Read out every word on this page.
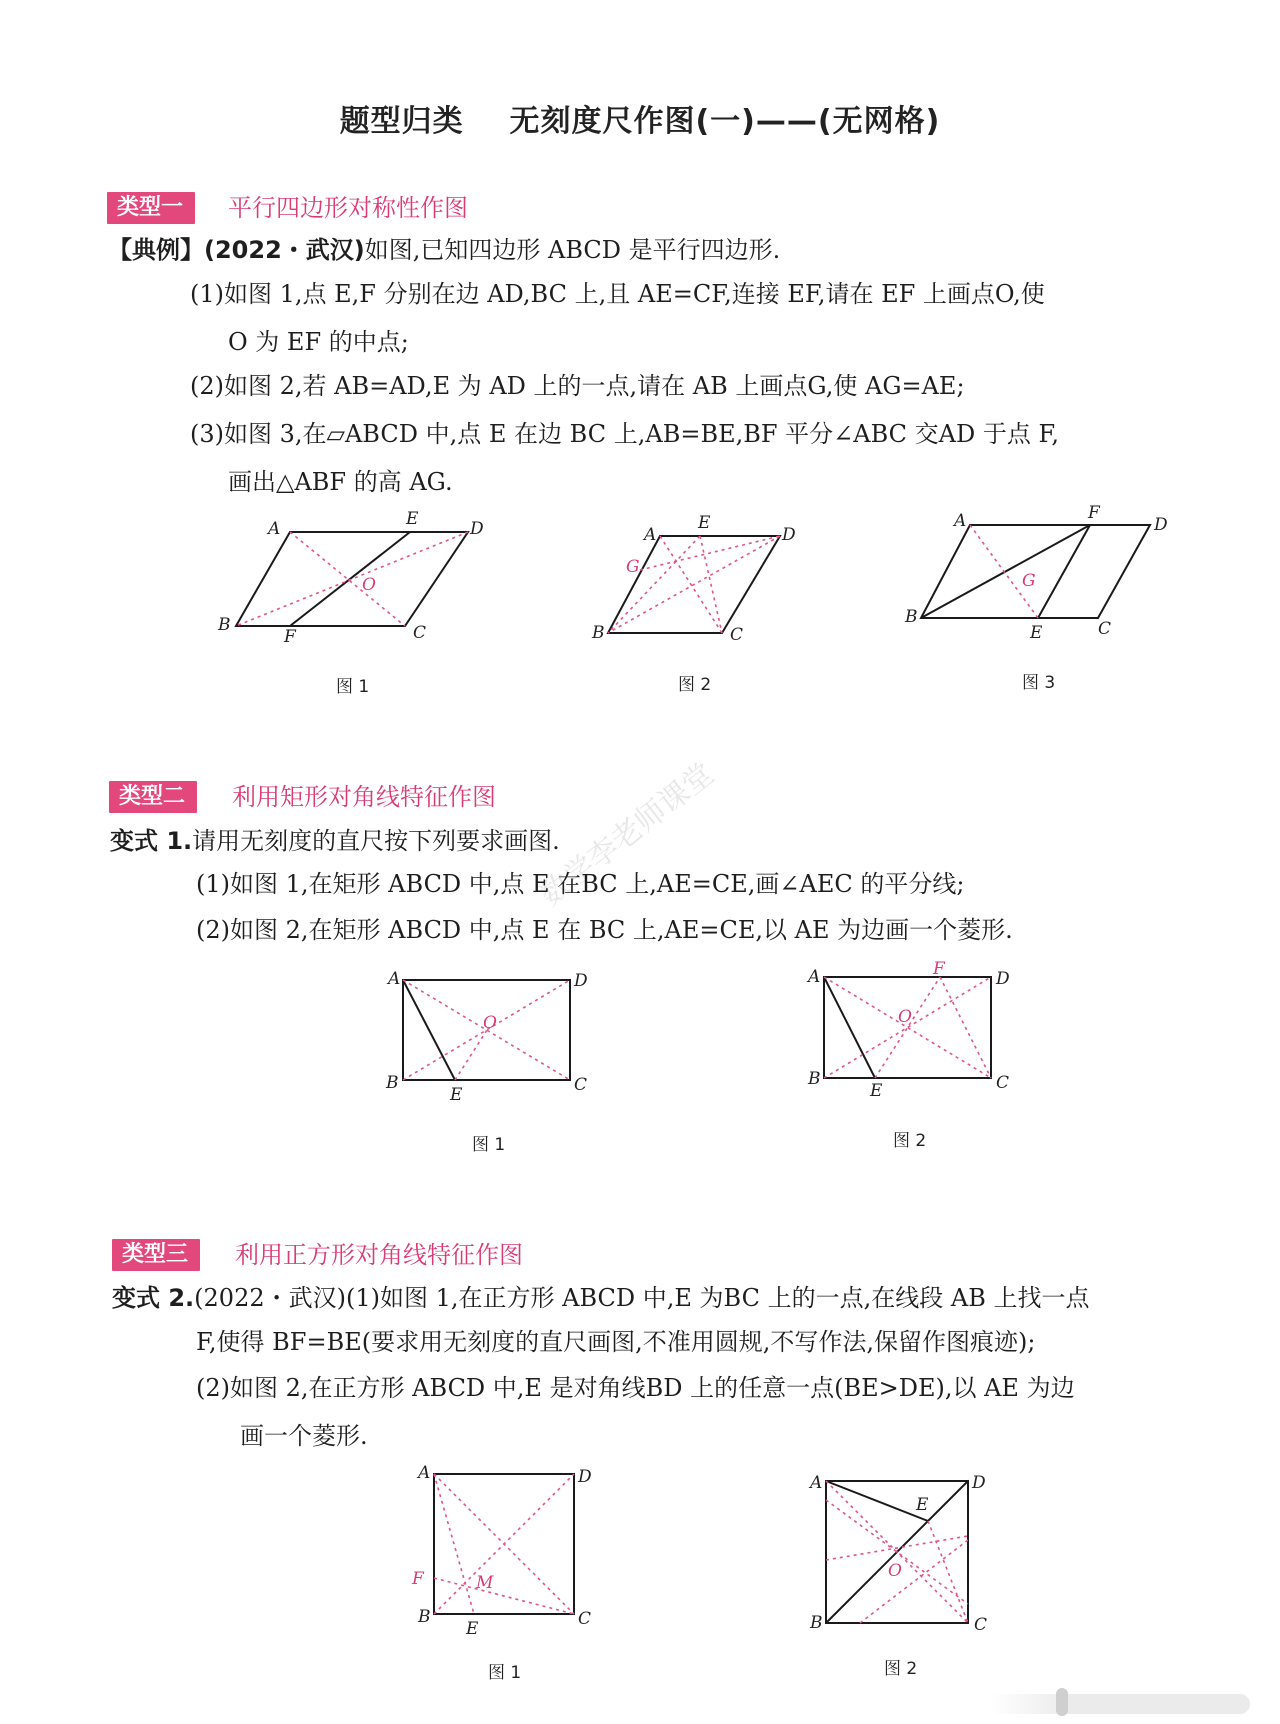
题型归类    无刻度尺作图(一)——(无网格)
数学李老师课堂
类型一	平行四边形对称性作图
【典例】(2022・武汉)如图,已知四边形 ABCD 是平行四边形.
(1)如图 1,点 E,F 分别在边 AD,BC 上,且 AE=CF,连接 EF,请在 EF 上画点O,使
O 为 EF 的中点;
(2)如图 2,若 AB=AD,E 为 AD 上的一点,请在 AB 上画点G,使 AG=AE;
(3)如图 3,在▱ABCD 中,点 E 在边 BC 上,AB=BE,BF 平分∠ABC 交AD 于点 F,
画出△ABF 的高 AG.
A	E	D
B
F	C
O
A
E
D
G
B	C
A	F
D
G
B
E	C
图 1	图 2	图 3
类型二	利用矩形对角线特征作图
变式 1.请用无刻度的直尺按下列要求画图.
(1)如图 1,在矩形 ABCD 中,点 E 在BC 上,AE=CE,画∠AEC 的平分线;
(2)如图 2,在矩形 ABCD 中,点 E 在 BC 上,AE=CE,以 AE 为边画一个菱形.
A	D
O
B
E	C
A	F	D
O
B
E	C
图 1	图 2
类型三	利用正方形对角线特征作图
变式 2.(2022・武汉)(1)如图 1,在正方形 ABCD 中,E 为BC 上的一点,在线段 AB 上找一点
F,使得 BF=BE(要求用无刻度的直尺画图,不准用圆规,不写作法,保留作图痕迹);
(2)如图 2,在正方形 ABCD 中,E 是对角线BD 上的任意一点(BE>DE),以 AE 为边
画一个菱形.
A	D
F	M
B
E	C
A	D
E
O
B	C
图 1	图 2
